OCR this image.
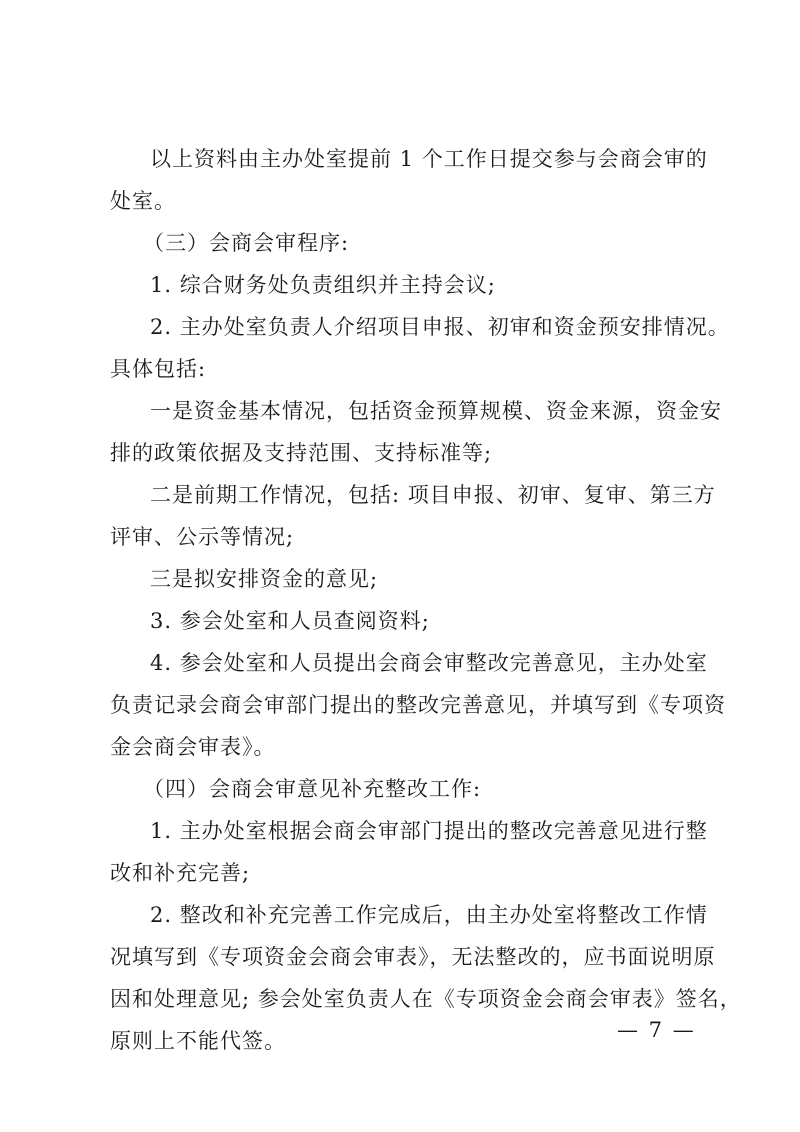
以上资料由主办处室提前 1 个工作日提交参与会商会审的
处室。
（三）会商会审程序:
1. 综合财务处负责组织并主持会议;
2. 主办处室负责人介绍项目申报、初审和资金预安排情况。
具体包括:
一是资金基本情况，包括资金预算规模、资金来源，资金安
排的政策依据及支持范围、支持标准等;
二是前期工作情况，包括: 项目申报、初审、复审、第三方
评审、公示等情况;
三是拟安排资金的意见;
3. 参会处室和人员查阅资料;
4. 参会处室和人员提出会商会审整改完善意见，主办处室
负责记录会商会审部门提出的整改完善意见，并填写到《专项资
金会商会审表》。
（四）会商会审意见补充整改工作:
1. 主办处室根据会商会审部门提出的整改完善意见进行整
改和补充完善;
2. 整改和补充完善工作完成后，由主办处室将整改工作情
况填写到《专项资金会商会审表》，无法整改的，应书面说明原
因和处理意见; 参会处室负责人在《专项资金会商会审表》签名，
原则上不能代签。	— 7 —
